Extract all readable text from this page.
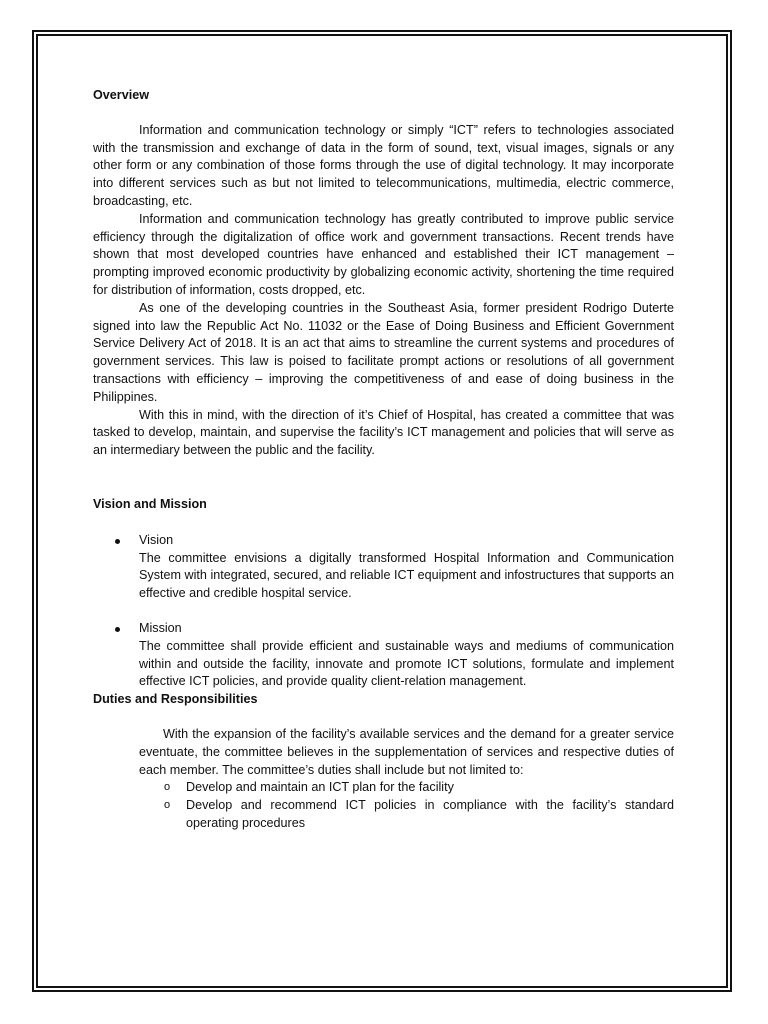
Overview

Information and communication technology or simply “ICT” refers to technologies associated with the transmission and exchange of data in the form of sound, text, visual images, signals or any other form or any combination of those forms through the use of digital technology. It may incorporate into different services such as but not limited to telecommunications, multimedia, electric commerce, broadcasting, etc.

Information and communication technology has greatly contributed to improve public service efficiency through the digitalization of office work and government transactions. Recent trends have shown that most developed countries have enhanced and established their ICT management – prompting improved economic productivity by globalizing economic activity, shortening the time required for distribution of information, costs dropped, etc.

As one of the developing countries in the Southeast Asia, former president Rodrigo Duterte signed into law the Republic Act No. 11032 or the Ease of Doing Business and Efficient Government Service Delivery Act of 2018. It is an act that aims to streamline the current systems and procedures of government services. This law is poised to facilitate prompt actions or resolutions of all government transactions with efficiency – improving the competitiveness of and ease of doing business in the Philippines.

With this in mind, with the direction of it’s Chief of Hospital, has created a committee that was tasked to develop, maintain, and supervise the facility’s ICT management and policies that will serve as an intermediary between the public and the facility.

Vision and Mission
Vision
The committee envisions a digitally transformed Hospital Information and Communication System with integrated, secured, and reliable ICT equipment and infostructures that supports an effective and credible hospital service.
Mission
The committee shall provide efficient and sustainable ways and mediums of communication within and outside the facility, innovate and promote ICT solutions, formulate and implement effective ICT policies, and provide quality client-relation management.
Duties and Responsibilities

With the expansion of the facility’s available services and the demand for a greater service eventuate, the committee believes in the supplementation of services and respective duties of each member. The committee’s duties shall include but not limited to:

o Develop and maintain an ICT plan for the facility
o Develop and recommend ICT policies in compliance with the facility’s standard operating procedures
